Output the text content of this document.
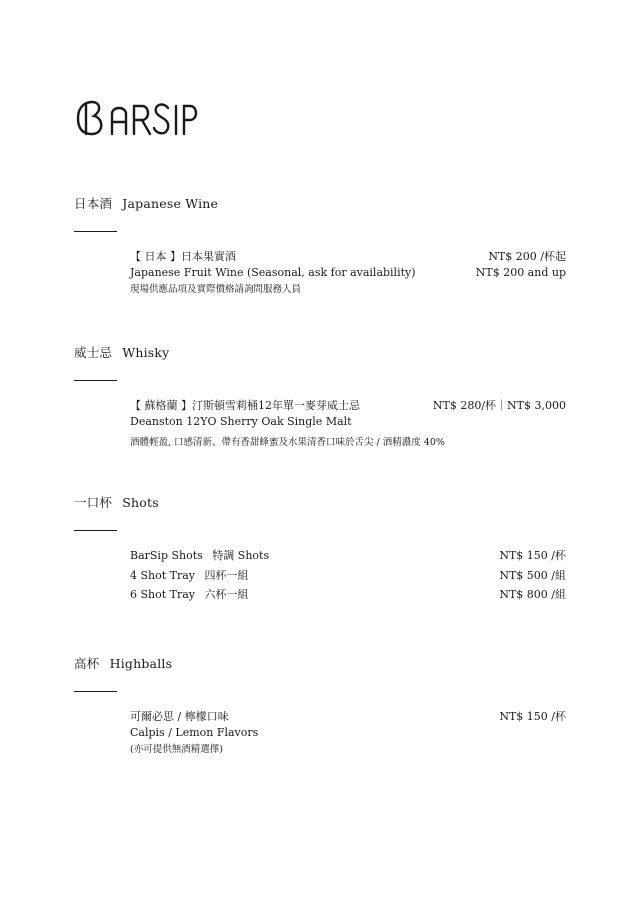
日本酒 Japanese Wine
【 日本 】日本果實酒	NT$ 200 /杯起
Japanese Fruit Wine (Seasonal, ask for availability)	NT$ 200 and up
現場供應品項及實際價格請詢問服務人員
威士忌 Whisky
【 蘇格蘭 】汀斯頓雪莉桶12年單一麥芽威士忌	NT$ 280/杯｜NT$ 3,000
Deanston 12YO Sherry Oak Single Malt
酒體輕盈, 口感清新、帶有香甜蜂蜜及水果清香口味於舌尖 / 酒精濃度 40%
一口杯 Shots
BarSip Shots 特調 Shots	NT$ 150 /杯
4 Shot Tray 四杯一組	NT$ 500 /組
6 Shot Tray 六杯一組	NT$ 800 /組
高杯 Highballs
可爾必思 / 檸檬口味	NT$ 150 /杯
Calpis / Lemon Flavors
(亦可提供無酒精選擇)
